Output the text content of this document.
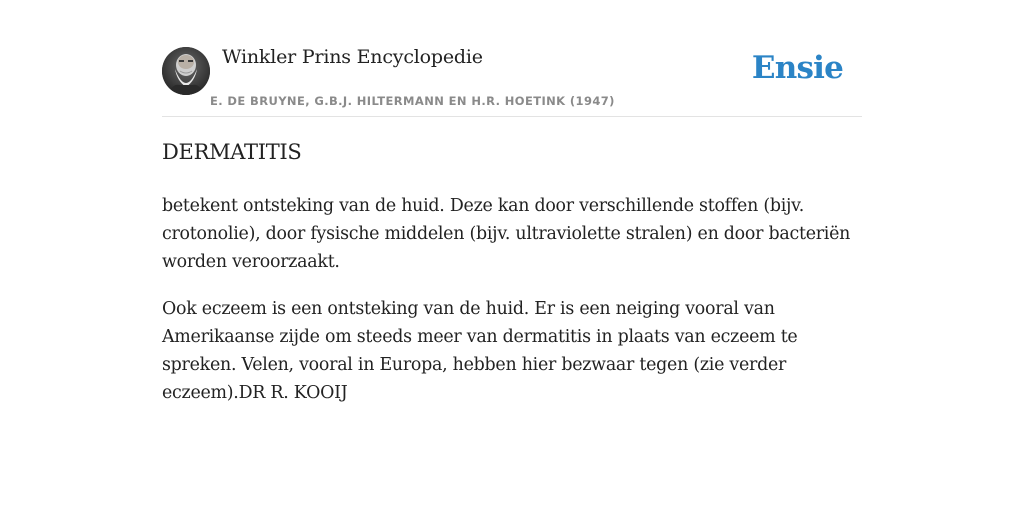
Winkler Prins Encyclopedie
E. DE BRUYNE, G.B.J. HILTERMANN EN H.R. HOETINK (1947)
Ensie
DERMATITIS

betekent ontsteking van de huid. Deze kan door verschillende stoffen (bijv. crotonolie), door fysische middelen (bijv. ultraviolette stralen) en door bacteriën worden veroorzaakt.

Ook eczeem is een ontsteking van de huid. Er is een neiging vooral van Amerikaanse zijde om steeds meer van dermatitis in plaats van eczeem te spreken. Velen, vooral in Europa, hebben hier bezwaar tegen (zie verder eczeem).DR R. KOOIJ
